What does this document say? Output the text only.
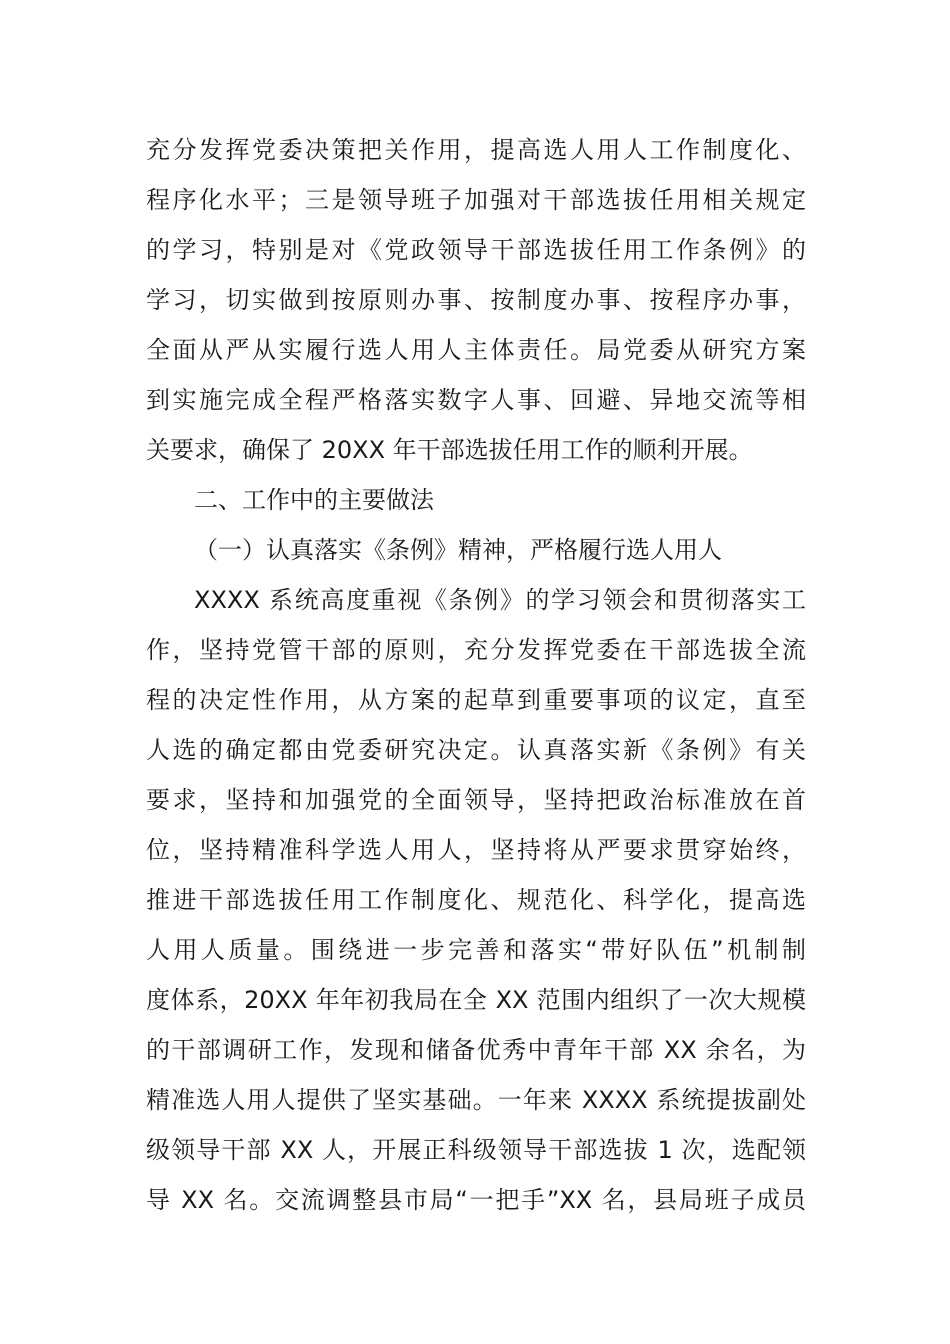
充分发挥党委决策把关作用，提高选人用人工作制度化、
程序化水平；三是领导班子加强对干部选拔任用相关规定
的学习，特别是对《党政领导干部选拔任用工作条例》的
学习，切实做到按原则办事、按制度办事、按程序办事，
全面从严从实履行选人用人主体责任。局党委从研究方案
到实施完成全程严格落实数字人事、回避、异地交流等相
关要求，确保了 20XX 年干部选拔任用工作的顺利开展。
二、工作中的主要做法
（一）认真落实《条例》精神，严格履行选人用人
XXXX 系统高度重视《条例》的学习领会和贯彻落实工
作，坚持党管干部的原则，充分发挥党委在干部选拔全流
程的决定性作用，从方案的起草到重要事项的议定，直至
人选的确定都由党委研究决定。认真落实新《条例》有关
要求，坚持和加强党的全面领导，坚持把政治标准放在首
位，坚持精准科学选人用人，坚持将从严要求贯穿始终，
推进干部选拔任用工作制度化、规范化、科学化，提高选
人用人质量。围绕进一步完善和落实“带好队伍”机制制
度体系，20XX 年年初我局在全 XX 范围内组织了一次大规模
的干部调研工作，发现和储备优秀中青年干部 XX 余名，为
精准选人用人提供了坚实基础。一年来 XXXX 系统提拔副处
级领导干部 XX 人，开展正科级领导干部选拔 1 次，选配领
导 XX 名。交流调整县市局“一把手”XX 名，县局班子成员
